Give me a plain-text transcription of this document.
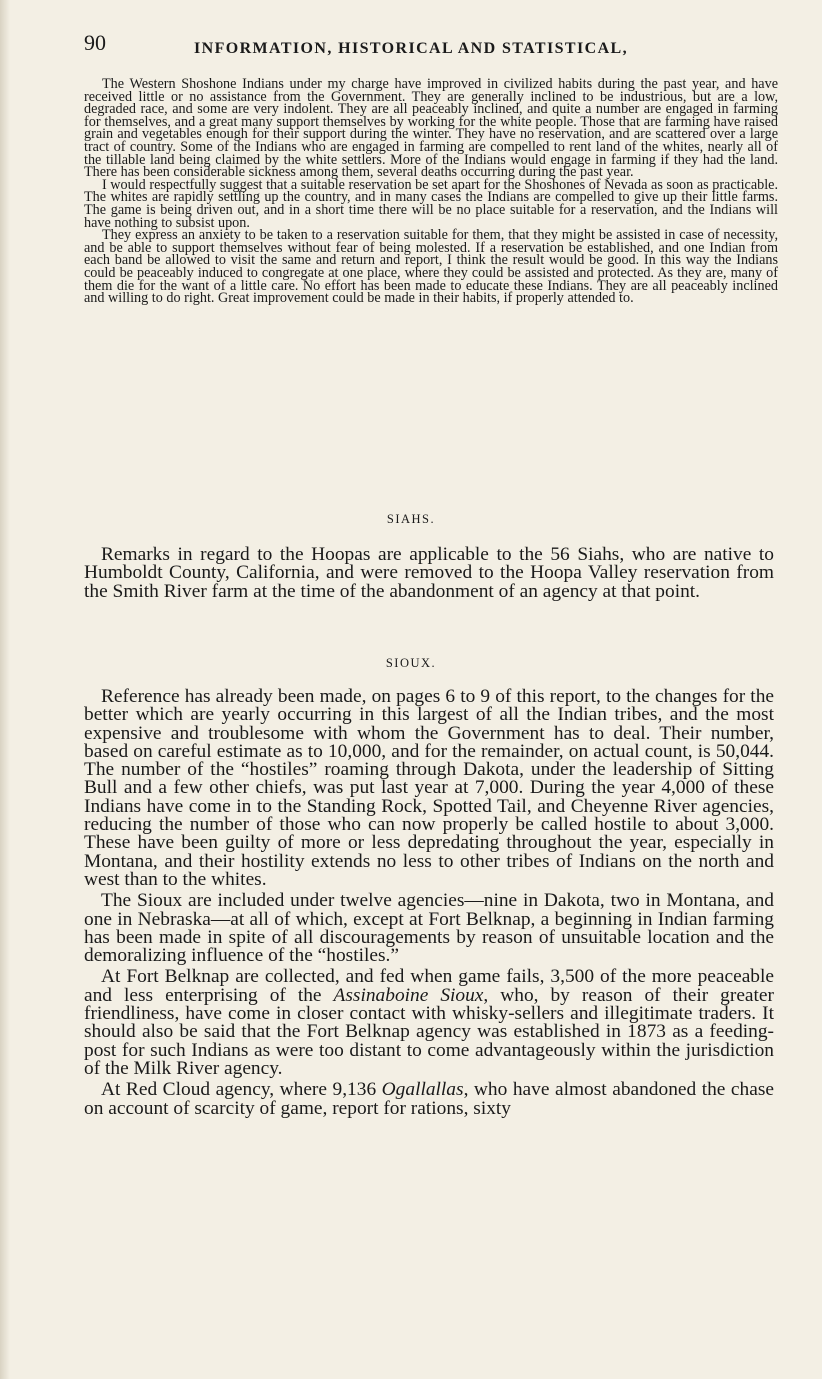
90	INFORMATION, HISTORICAL AND STATISTICAL,

The Western Shoshone Indians under my charge have improved in civilized habits during the past year, and have received little or no assistance from the Government. They are generally inclined to be industrious, but are a low, degraded race, and some are very indolent. They are all peaceably inclined, and quite a number are engaged in farming for themselves, and a great many support themselves by working for the white people. Those that are farming have raised grain and vegetables enough for their support during the winter. They have no reservation, and are scattered over a large tract of country. Some of the Indians who are engaged in farming are compelled to rent land of the whites, nearly all of the tillable land being claimed by the white settlers. More of the Indians would engage in farming if they had the land. There has been considerable sickness among them, several deaths occurring during the past year.

I would respectfully suggest that a suitable reservation be set apart for the Shoshones of Nevada as soon as practicable. The whites are rapidly settling up the country, and in many cases the Indians are compelled to give up their little farms. The game is being driven out, and in a short time there will be no place suitable for a reservation, and the Indians will have nothing to subsist upon.

They express an anxiety to be taken to a reservation suitable for them, that they might be assisted in case of necessity, and be able to support themselves without fear of being molested. If a reservation be established, and one Indian from each band be allowed to visit the same and return and report, I think the result would be good. In this way the Indians could be peaceably induced to congregate at one place, where they could be assisted and protected. As they are, many of them die for the want of a little care. No effort has been made to educate these Indians. They are all peaceably inclined and willing to do right. Great improvement could be made in their habits, if properly attended to.

SIAHS.

Remarks in regard to the Hoopas are applicable to the 56 Siahs, who are native to Humboldt County, California, and were removed to the Hoopa Valley reservation from the Smith River farm at the time of the abandonment of an agency at that point.

SIOUX.

Reference has already been made, on pages 6 to 9 of this report, to the changes for the better which are yearly occurring in this largest of all the Indian tribes, and the most expensive and troublesome with whom the Government has to deal. Their number, based on careful estimate as to 10,000, and for the remainder, on actual count, is 50,044. The number of the “hostiles” roaming through Dakota, under the leadership of Sitting Bull and a few other chiefs, was put last year at 7,000. During the year 4,000 of these Indians have come in to the Standing Rock, Spotted Tail, and Cheyenne River agencies, reducing the number of those who can now properly be called hostile to about 3,000. These have been guilty of more or less depredating throughout the year, especially in Montana, and their hostility extends no less to other tribes of Indians on the north and west than to the whites.

The Sioux are included under twelve agencies—nine in Dakota, two in Montana, and one in Nebraska—at all of which, except at Fort Belknap, a beginning in Indian farming has been made in spite of all discouragements by reason of unsuitable location and the demoralizing influence of the “hostiles.”

At Fort Belknap are collected, and fed when game fails, 3,500 of the more peaceable and less enterprising of the Assinaboine Sioux, who, by reason of their greater friendliness, have come in closer contact with whisky-sellers and illegitimate traders. It should also be said that the Fort Belknap agency was established in 1873 as a feeding-post for such Indians as were too distant to come advantageously within the jurisdiction of the Milk River agency.

At Red Cloud agency, where 9,136 Ogallallas, who have almost abandoned the chase on account of scarcity of game, report for rations, sixty
